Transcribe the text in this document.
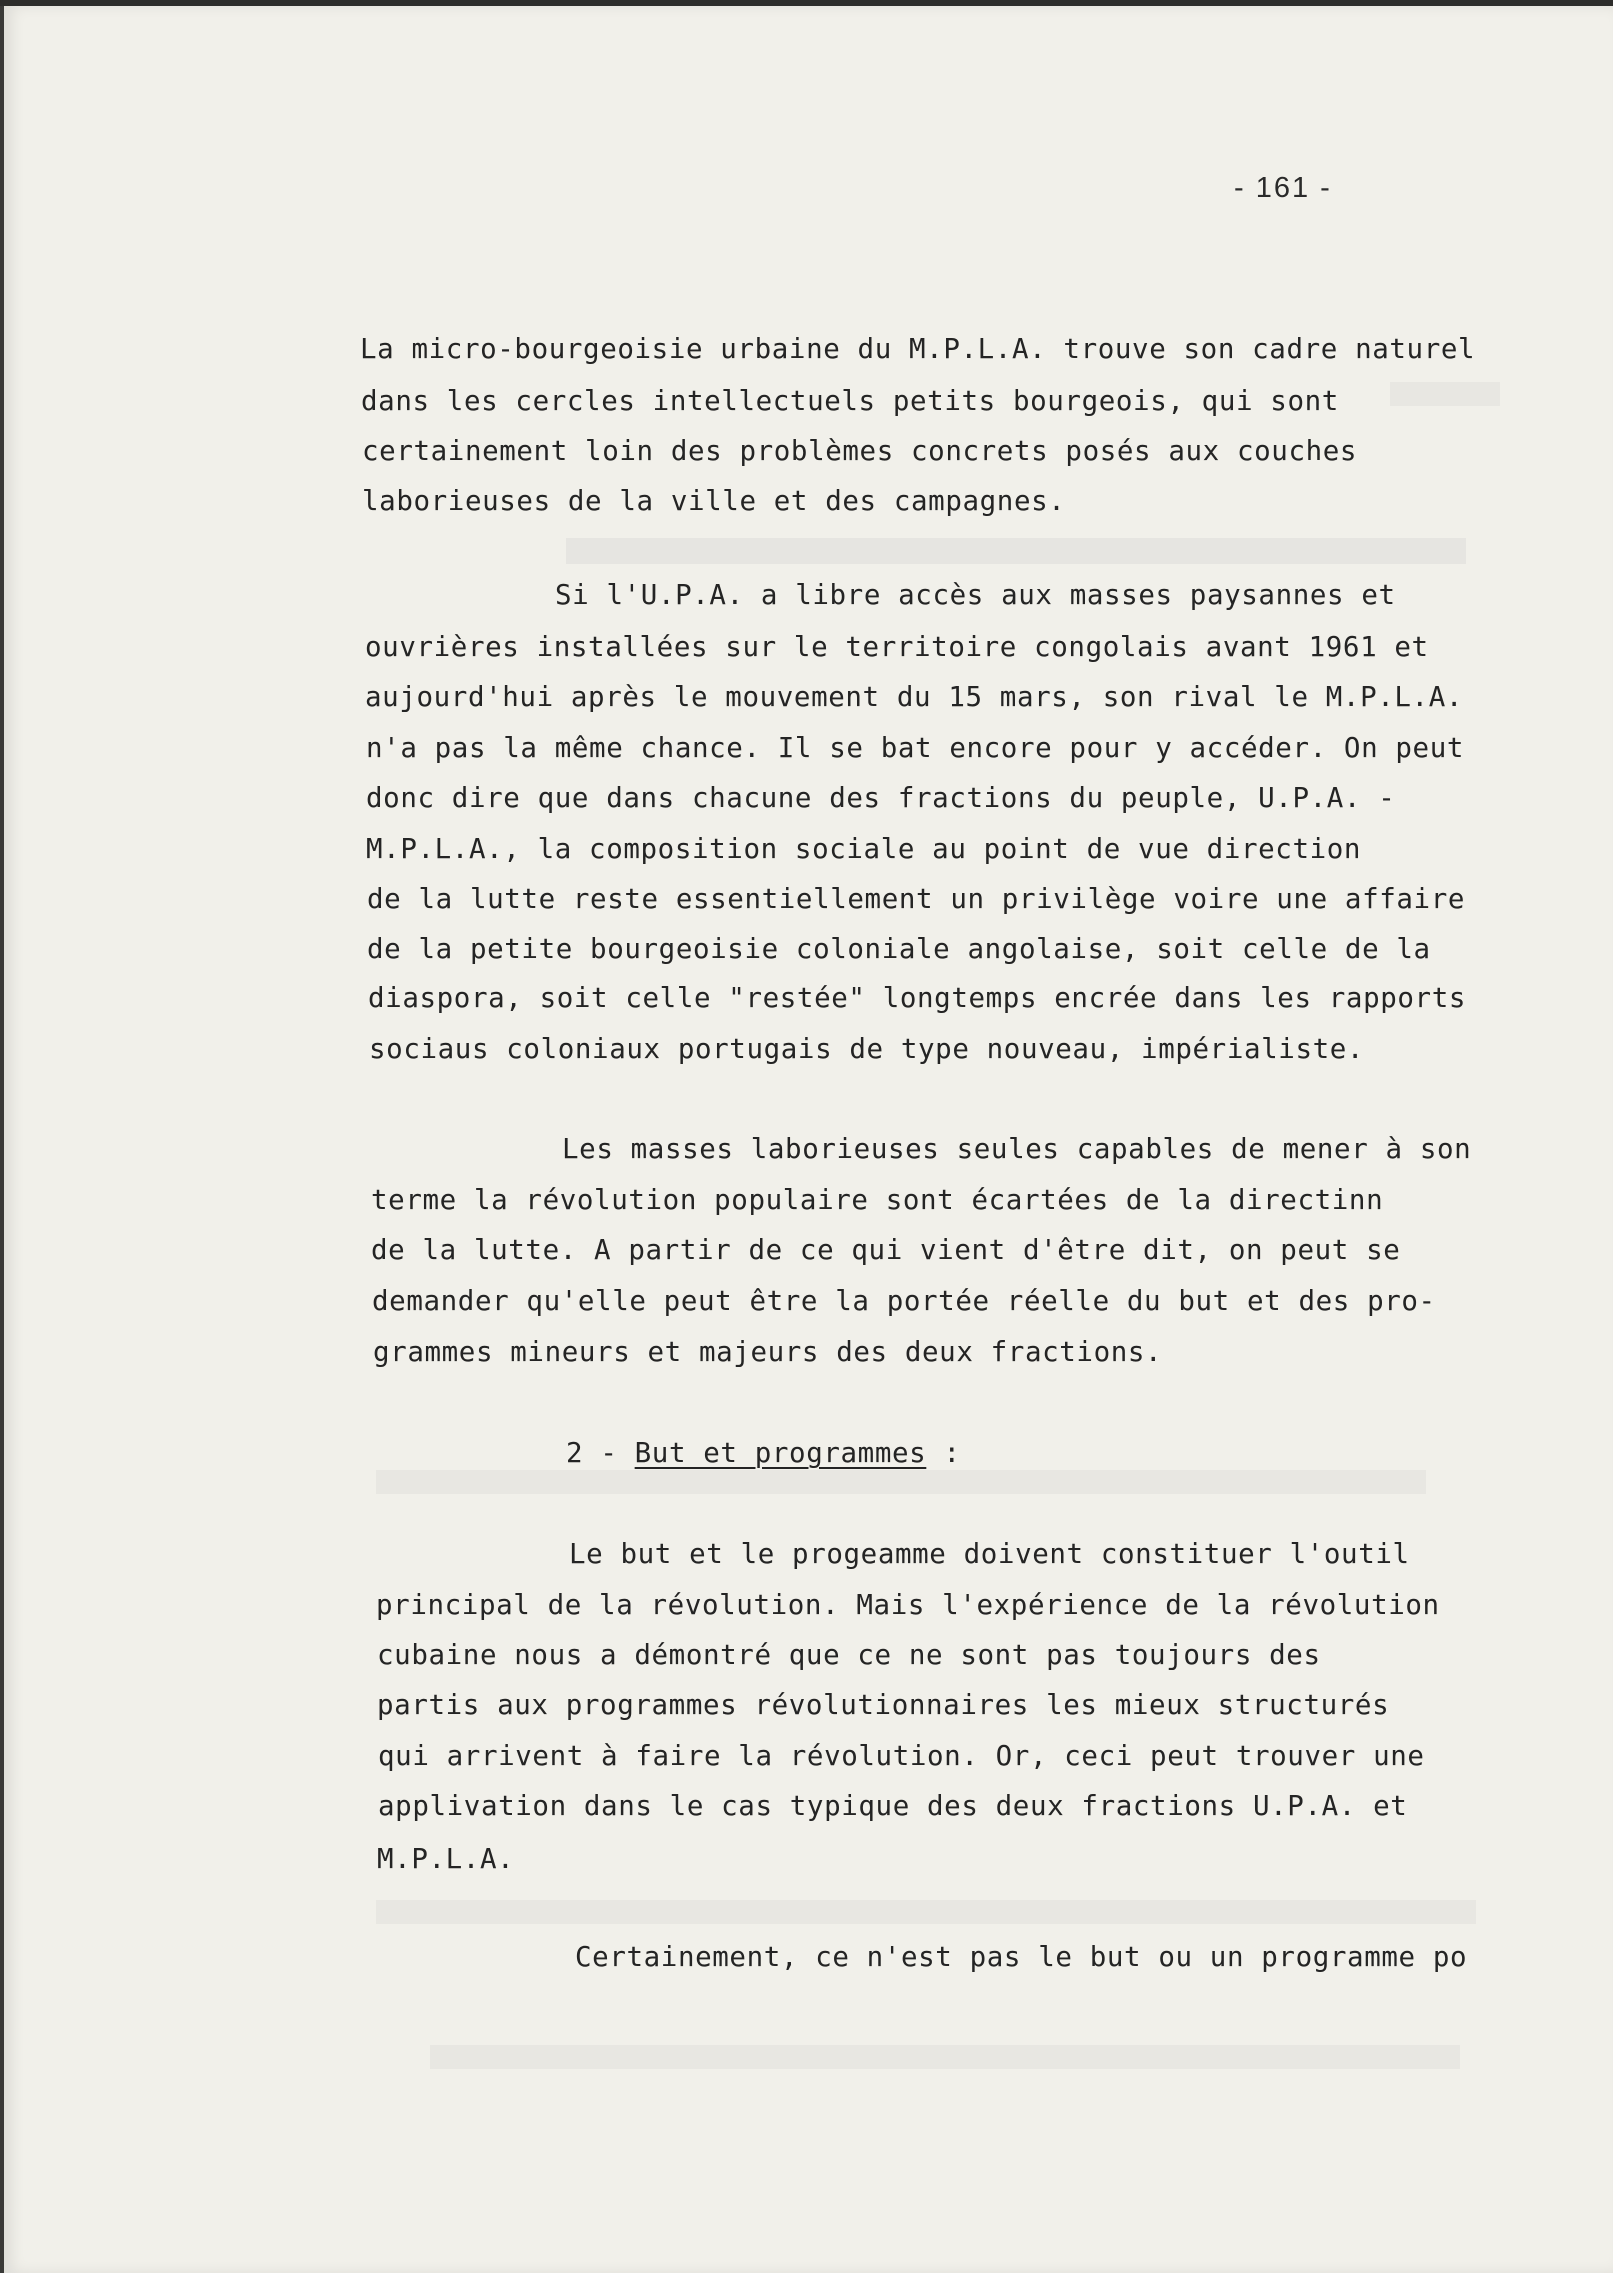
- 161 -
La micro-bourgeoisie urbaine du M.P.L.A. trouve son cadre naturel
dans les cercles intellectuels petits bourgeois, qui sont
certainement loin des problèmes concrets posés aux couches
laborieuses de la ville et des campagnes.
Si l'U.P.A. a libre accès aux masses paysannes et
ouvrières installées sur le territoire congolais avant 1961 et
aujourd'hui après le mouvement du 15 mars, son rival le M.P.L.A.
n'a pas la même chance. Il se bat encore pour y accéder. On peut
donc dire que dans chacune des fractions du peuple, U.P.A. -
M.P.L.A., la composition sociale au point de vue direction
de la lutte reste essentiellement un privilège voire une affaire
de la petite bourgeoisie coloniale angolaise, soit celle de la
diaspora, soit celle "restée" longtemps encrée dans les rapports
sociaus coloniaux portugais de type nouveau, impérialiste.
Les masses laborieuses seules capables de mener à son
terme la révolution populaire sont écartées de la directinn
de la lutte. A partir de ce qui vient d'être dit, on peut se
demander qu'elle peut être la portée réelle du but et des pro-
grammes mineurs et majeurs des deux fractions.
2 - But et programmes :
Le but et le progeamme doivent constituer l'outil
principal de la révolution. Mais l'expérience de la révolution
cubaine nous a démontré que ce ne sont pas toujours des
partis aux programmes révolutionnaires les mieux structurés
qui arrivent à faire la révolution. Or, ceci peut trouver une
applivation dans le cas typique des deux fractions U.P.A. et
M.P.L.A.
Certainement, ce n'est pas le but ou un programme po
